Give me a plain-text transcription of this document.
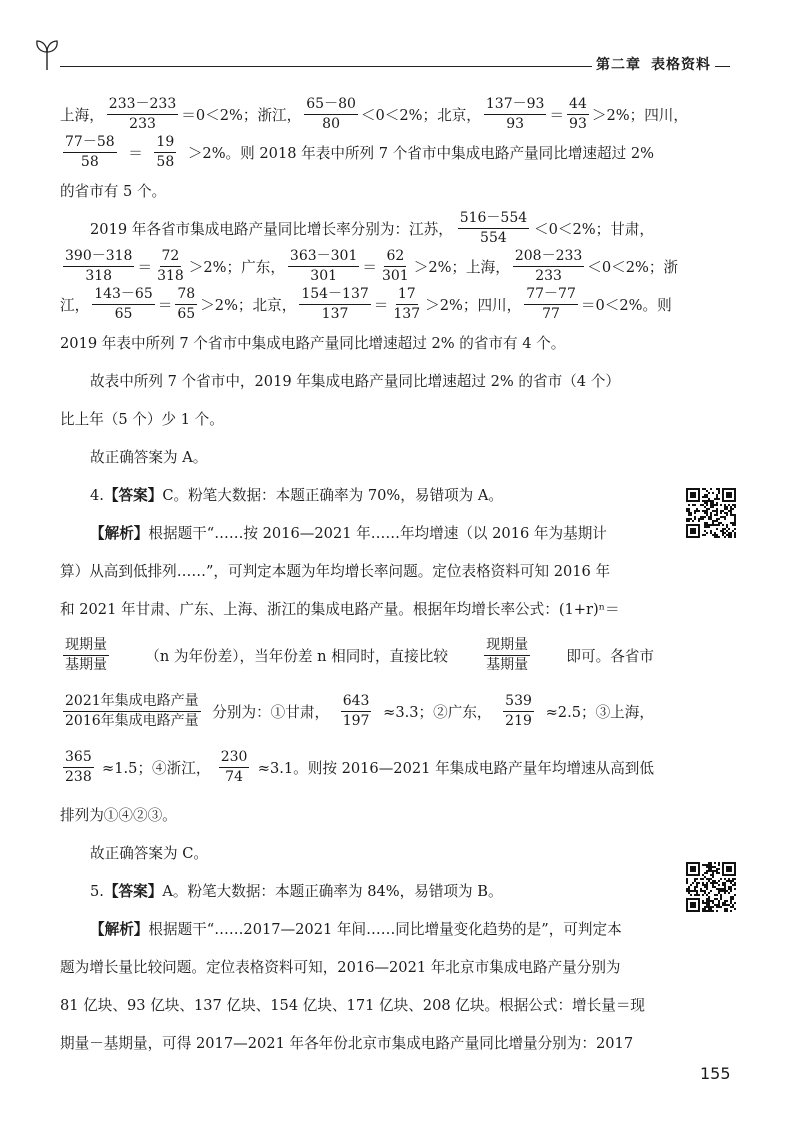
第二章 表格资料
上海， $\frac{233-233}{233} =0<2\%$；浙江， $\frac{65-80}{80} <0<2\%$；北京， $\frac{137-93}{93} = \frac{44}{93} >2\%$；四川，
$\frac{77-58}{58} = \frac{19}{58} >2\%$。则 2018 年表中所列 7 个省市中集成电路产量同比增速超过 2%
的省市有 5 个。
2019 年各省市集成电路产量同比增长率分别为：江苏， $\frac{516-554}{554} <0<2\%$；甘肃，
$\frac{390-318}{318} = \frac{72}{318} >2\%$；广东， $\frac{363-301}{301} = \frac{62}{301} >2\%$；上海， $\frac{208-233}{233} <0<2\%$；浙
江， $\frac{143-65}{65} = \frac{78}{65} >2\%$；北京， $\frac{154-137}{137} = \frac{17}{137} >2\%$；四川， $\frac{77-77}{77} =0<2\%$。则
2019 年表中所列 7 个省市中集成电路产量同比增速超过 2% 的省市有 4 个。
故表中所列 7 个省市中，2019 年集成电路产量同比增速超过 2% 的省市（4 个）
比上年（5 个）少 1 个。
故正确答案为 A。
4.【答案】C。粉笔大数据：本题正确率为 70%，易错项为 A。
【解析】根据题干“……按 2016—2021 年……年均增速（以 2016 年为基期计
算）从高到低排列……”，可判定本题为年均增长率问题。定位表格资料可知 2016 年
和 2021 年甘肃、广东、上海、浙江的集成电路产量。根据年均增长率公式：(1+r)ⁿ＝
$\frac{\text{现期量}}{\text{基期量}} (n$ 为年份差），当年份差 n 相同时，直接比较	$\frac{\text{现期量}}{\text{基期量}}$ 即可。各省市
$\frac{\text{2021年集成电路产量}}{\text{2016年集成电路产量}}$ 分别为：①甘肃， $\frac{643}{197} \approx 3.3$；②广东， $\frac{539}{219} \approx 2.5$；③上海，
$\frac{365}{238} \approx 1.5$；④浙江， $\frac{230}{74} \approx 3.1$。则按 2016—2021 年集成电路产量年均增速从高到低
排列为①④②③。
故正确答案为 C。
5.【答案】A。粉笔大数据：本题正确率为 84%，易错项为 B。
【解析】根据题干“……2017—2021 年间……同比增量变化趋势的是”，可判定本
题为增长量比较问题。定位表格资料可知，2016—2021 年北京市集成电路产量分别为
81 亿块、93 亿块、137 亿块、154 亿块、171 亿块、208 亿块。根据公式：增长量＝现
期量－基期量，可得 2017—2021 年各年份北京市集成电路产量同比增量分别为：2017
155
